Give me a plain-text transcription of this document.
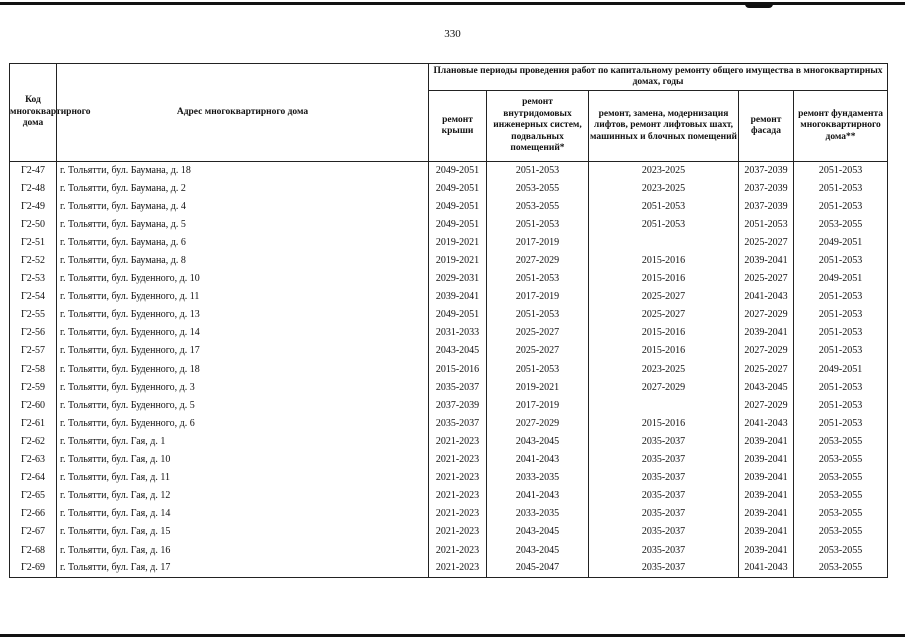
330
Код многоквартирного дома	Адрес многоквартирного дома	Плановые периоды проведения работ по капитальному ремонту общего имущества в многоквартирных домах, годы				
		ремонт крыши	ремонт внутридомовых инженерных систем, подвальных помещений*	ремонт, замена, модернизация лифтов, ремонт лифтовых шахт, машинных и блочных помещений	ремонт фасада	ремонт фундамента многоквартирного дома**
Г2-47	г. Тольятти, бул. Баумана, д. 18	2049-2051	2051-2053	2023-2025	2037-2039	2051-2053
Г2-48	г. Тольятти, бул. Баумана, д. 2	2049-2051	2053-2055	2023-2025	2037-2039	2051-2053
Г2-49	г. Тольятти, бул. Баумана, д. 4	2049-2051	2053-2055	2051-2053	2037-2039	2051-2053
Г2-50	г. Тольятти, бул. Баумана, д. 5	2049-2051	2051-2053	2051-2053	2051-2053	2053-2055
Г2-51	г. Тольятти, бул. Баумана, д. 6	2019-2021	2017-2019		2025-2027	2049-2051
Г2-52	г. Тольятти, бул. Баумана, д. 8	2019-2021	2027-2029	2015-2016	2039-2041	2051-2053
Г2-53	г. Тольятти, бул. Буденного, д. 10	2029-2031	2051-2053	2015-2016	2025-2027	2049-2051
Г2-54	г. Тольятти, бул. Буденного, д. 11	2039-2041	2017-2019	2025-2027	2041-2043	2051-2053
Г2-55	г. Тольятти, бул. Буденного, д. 13	2049-2051	2051-2053	2025-2027	2027-2029	2051-2053
Г2-56	г. Тольятти, бул. Буденного, д. 14	2031-2033	2025-2027	2015-2016	2039-2041	2051-2053
Г2-57	г. Тольятти, бул. Буденного, д. 17	2043-2045	2025-2027	2015-2016	2027-2029	2051-2053
Г2-58	г. Тольятти, бул. Буденного, д. 18	2015-2016	2051-2053	2023-2025	2025-2027	2049-2051
Г2-59	г. Тольятти, бул. Буденного, д. 3	2035-2037	2019-2021	2027-2029	2043-2045	2051-2053
Г2-60	г. Тольятти, бул. Буденного, д. 5	2037-2039	2017-2019		2027-2029	2051-2053
Г2-61	г. Тольятти, бул. Буденного, д. 6	2035-2037	2027-2029	2015-2016	2041-2043	2051-2053
Г2-62	г. Тольятти, бул. Гая, д. 1	2021-2023	2043-2045	2035-2037	2039-2041	2053-2055
Г2-63	г. Тольятти, бул. Гая, д. 10	2021-2023	2041-2043	2035-2037	2039-2041	2053-2055
Г2-64	г. Тольятти, бул. Гая, д. 11	2021-2023	2033-2035	2035-2037	2039-2041	2053-2055
Г2-65	г. Тольятти, бул. Гая, д. 12	2021-2023	2041-2043	2035-2037	2039-2041	2053-2055
Г2-66	г. Тольятти, бул. Гая, д. 14	2021-2023	2033-2035	2035-2037	2039-2041	2053-2055
Г2-67	г. Тольятти, бул. Гая, д. 15	2021-2023	2043-2045	2035-2037	2039-2041	2053-2055
Г2-68	г. Тольятти, бул. Гая, д. 16	2021-2023	2043-2045	2035-2037	2039-2041	2053-2055
Г2-69	г. Тольятти, бул. Гая, д. 17	2021-2023	2045-2047	2035-2037	2041-2043	2053-2055
